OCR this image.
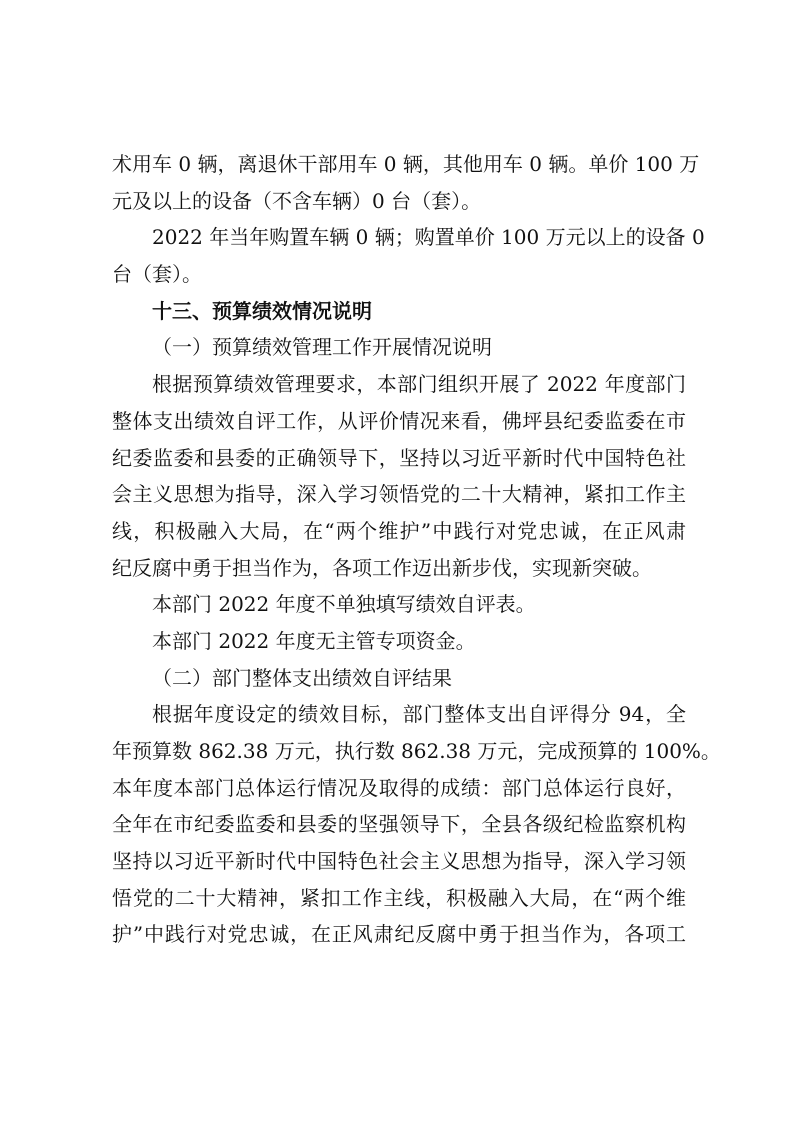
术用车 0 辆，离退休干部用车 0 辆，其他用车 0 辆。单价 100 万
元及以上的设备（不含车辆）0 台（套）。
2022 年当年购置车辆 0 辆；购置单价 100 万元以上的设备 0
台（套）。
十三、预算绩效情况说明
（一）预算绩效管理工作开展情况说明
根据预算绩效管理要求，本部门组织开展了 2022 年度部门
整体支出绩效自评工作，从评价情况来看，佛坪县纪委监委在市
纪委监委和县委的正确领导下，坚持以习近平新时代中国特色社
会主义思想为指导，深入学习领悟党的二十大精神，紧扣工作主
线，积极融入大局，在“两个维护”中践行对党忠诚，在正风肃
纪反腐中勇于担当作为，各项工作迈出新步伐，实现新突破。
本部门 2022 年度不单独填写绩效自评表。
本部门 2022 年度无主管专项资金。
（二）部门整体支出绩效自评结果
根据年度设定的绩效目标，部门整体支出自评得分 94，全
年预算数 862.38 万元，执行数 862.38 万元，完成预算的 100%。
本年度本部门总体运行情况及取得的成绩：部门总体运行良好，
全年在市纪委监委和县委的坚强领导下，全县各级纪检监察机构
坚持以习近平新时代中国特色社会主义思想为指导，深入学习领
悟党的二十大精神，紧扣工作主线，积极融入大局，在“两个维
护”中践行对党忠诚，在正风肃纪反腐中勇于担当作为，各项工
